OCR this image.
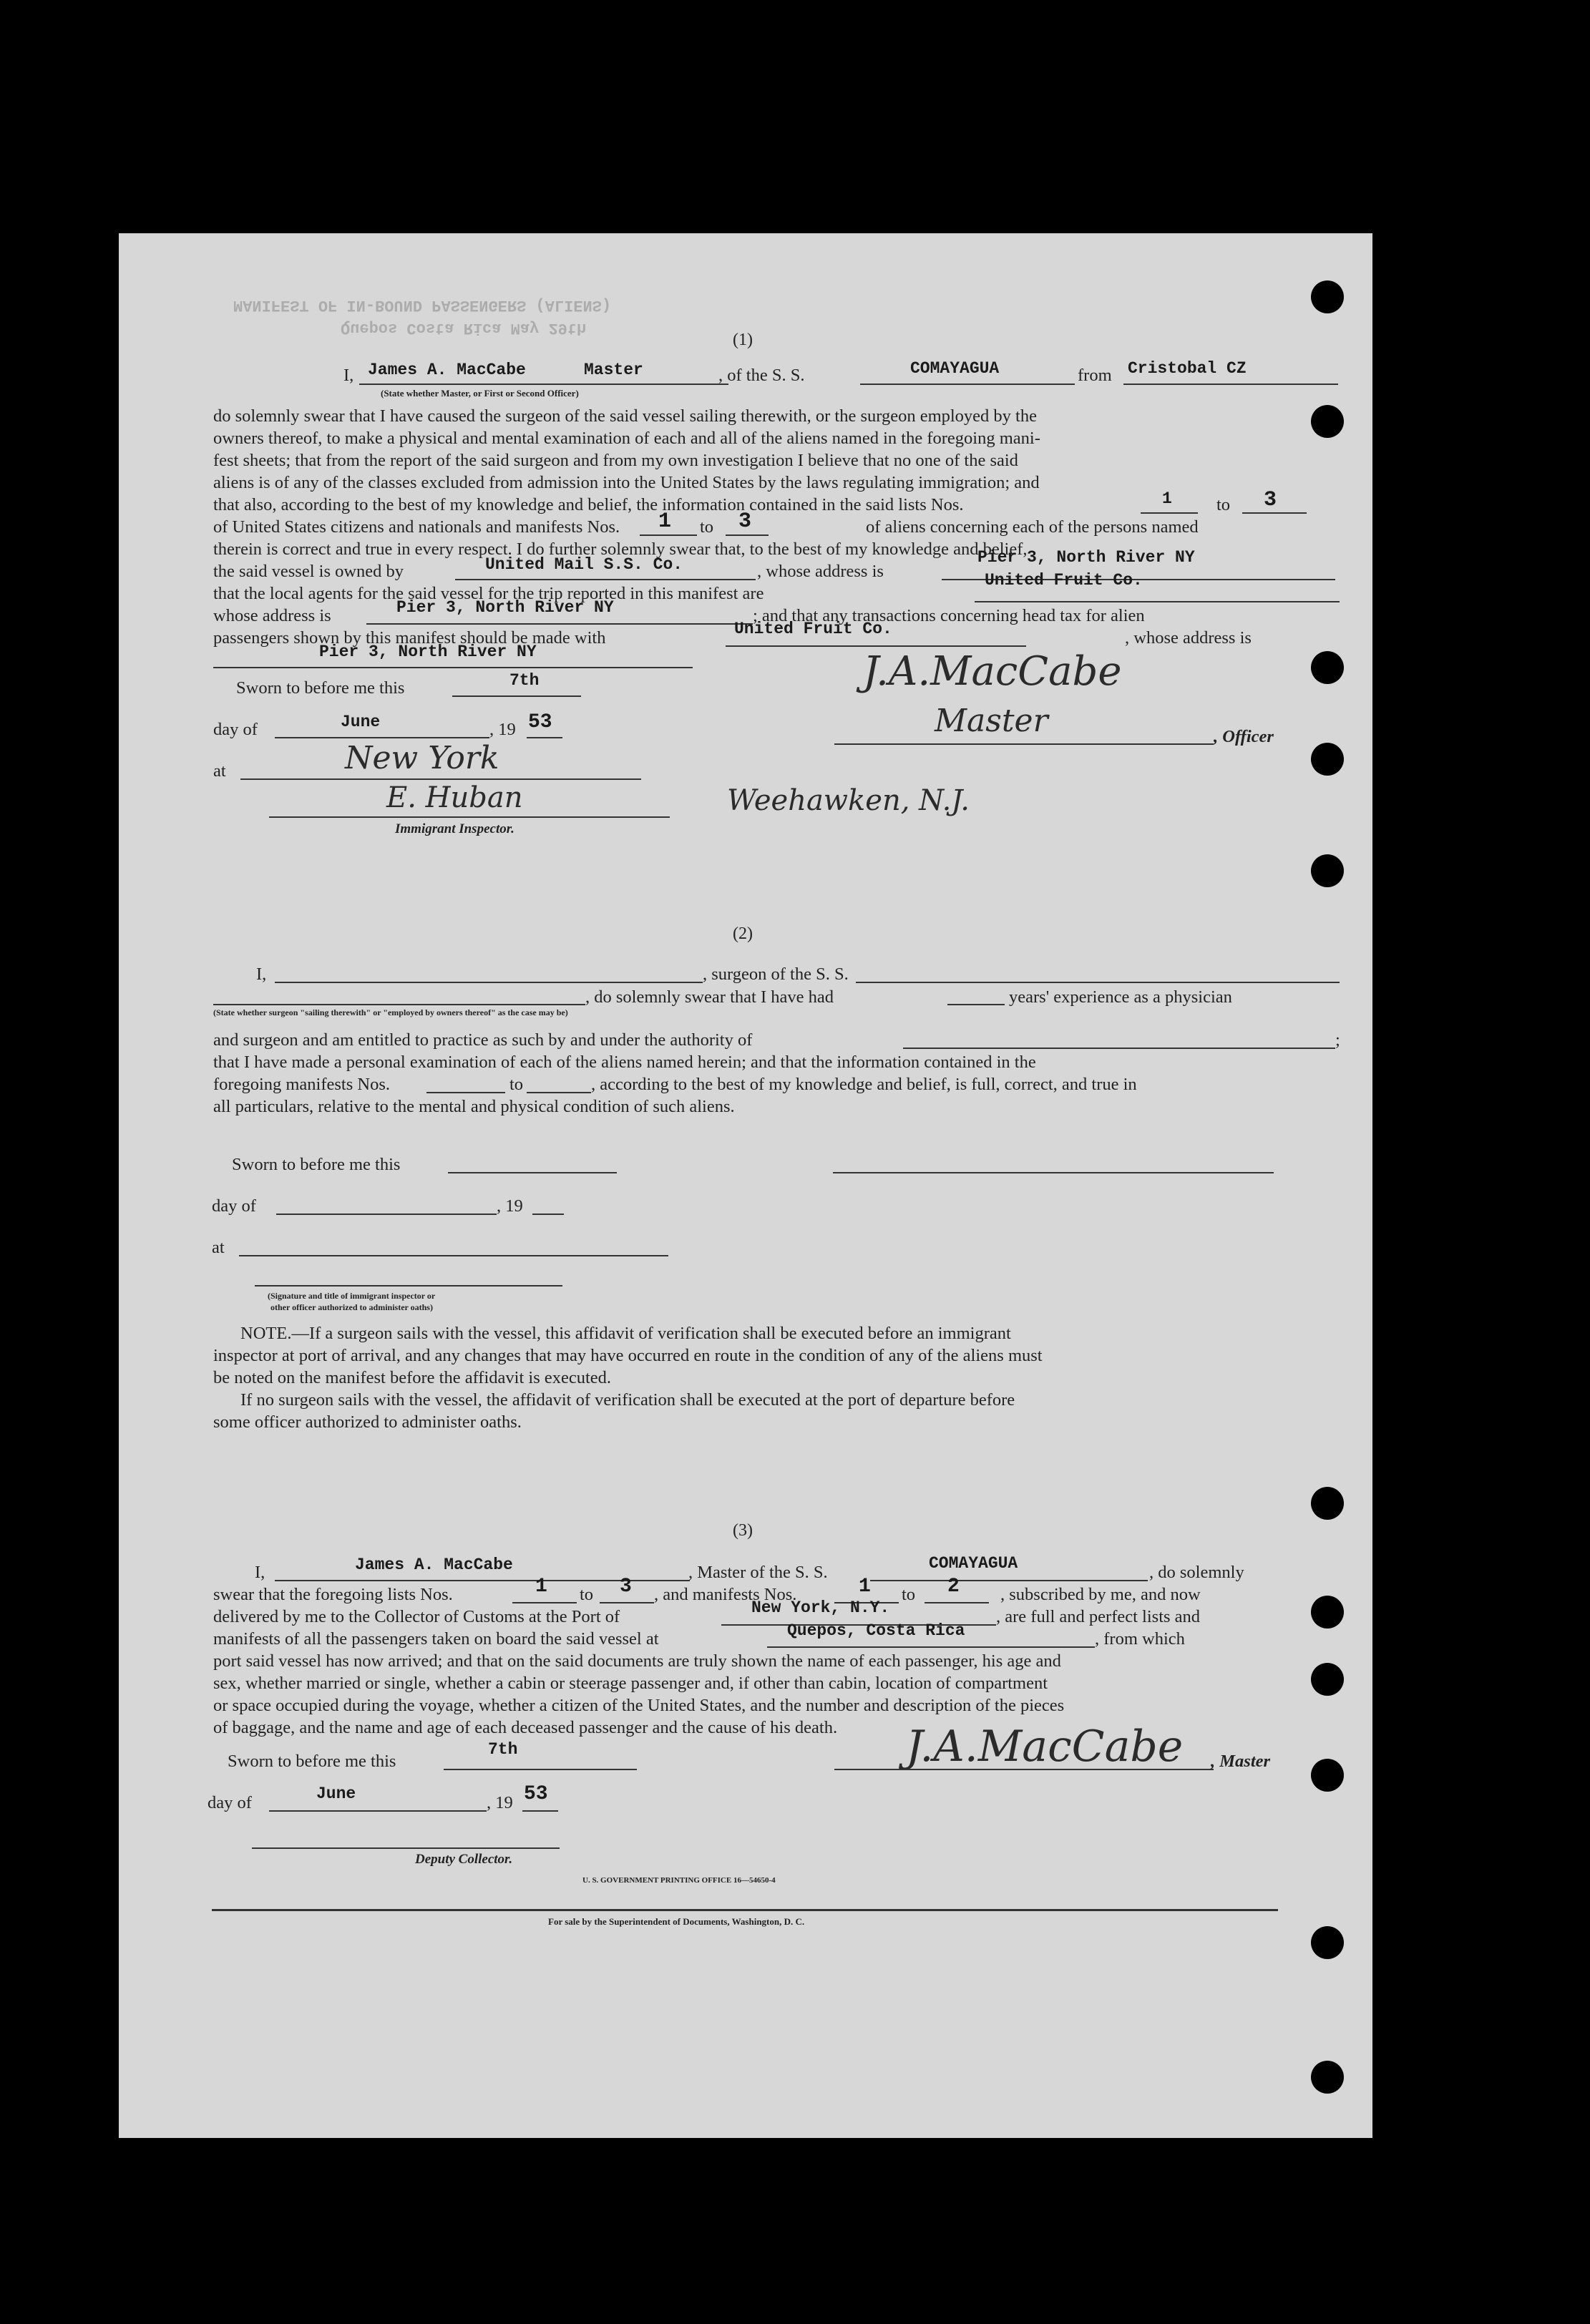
MANIFEST OF IN-BOUND PASSENGERS (ALIENS)
Quepos Costa Rica May 29th
(1)
I, James A. MacCabe	Master
(State whether Master, or First or Second Officer)
, of the S. S.	COMAYAGUA	from Cristobal CZ

do solemnly swear that I have caused the surgeon of the said vessel sailing therewith, or the surgeon employed by the

owners thereof, to make a physical and mental examination of each and all of the aliens named in the foregoing mani-

fest sheets; that from the report of the said surgeon and from my own investigation I believe that no one of the said

aliens is of any of the classes excluded from admission into the United States by the laws regulating immigration; and

that also, according to the best of my knowledge and belief, the information contained in the said lists Nos.	1	to 3
of United States citizens and nationals and manifests Nos. 1 to 3	of aliens concerning each of the persons named

therein is correct and true in every respect. I do further solemnly swear that, to the best of my knowledge and belief,

the said vessel is owned by	United Mail S.S. Co.	, whose address is
Pier 3, North River NY
that the local agents for the said vessel for the trip reported in this manifest are
United Fruit Co.
whose address is	Pier 3, North River NY	; and that any transactions concerning head tax for alien
passengers shown by this manifest should be made with	United Fruit Co.	, whose address is
Pier 3, North River NY
Sworn to before me this	7th	J.A.MacCabe
Master	, Officer
day of	June	, 19 53
at	New York
E. Huban	Weehawken, N.J.
Immigrant Inspector.
(2)
I,	, surgeon of the S. S.
, do solemnly swear that I have had	years' experience as a physician
(State whether surgeon "sailing therewith" or "employed by owners thereof" as the case may be)
and surgeon and am entitled to practice as such by and under the authority of	;

that I have made a personal examination of each of the aliens named herein; and that the information contained in the

foregoing manifests Nos.	to	, according to the best of my knowledge and belief, is full, correct, and true in
all particulars, relative to the mental and physical condition of such aliens.
Sworn to before me this
day of	, 19
at
(Signature and title of immigrant inspector or
other officer authorized to administer oaths)

NOTE.—If a surgeon sails with the vessel, this affidavit of verification shall be executed before an immigrant

inspector at port of arrival, and any changes that may have occurred en route in the condition of any of the aliens must

be noted on the manifest before the affidavit is executed.

If no surgeon sails with the vessel, the affidavit of verification shall be executed at the port of departure before

some officer authorized to administer oaths.

(3)
I,	James A. MacCabe	, Master of the S. S.	COMAYAGUA	, do solemnly
swear that the foregoing lists Nos.	1 to 3 , and manifests Nos.	1 to 2 , subscribed by me, and now
delivered by me to the Collector of Customs at the Port of	New York, N.Y.	, are full and perfect lists and
manifests of all the passengers taken on board the said vessel at	Quepos, Costa Rica	, from which

port said vessel has now arrived; and that on the said documents are truly shown the name of each passenger, his age and

sex, whether married or single, whether a cabin or steerage passenger and, if other than cabin, location of compartment

or space occupied during the voyage, whether a citizen of the United States, and the number and description of the pieces

of baggage, and the name and age of each deceased passenger and the cause of his death.

Sworn to before me this
7th	J.A.MacCabe , Master
day of	June	, 19 53
Deputy Collector.
U. S. GOVERNMENT PRINTING OFFICE 16—54650-4
For sale by the Superintendent of Documents, Washington, D. C.
